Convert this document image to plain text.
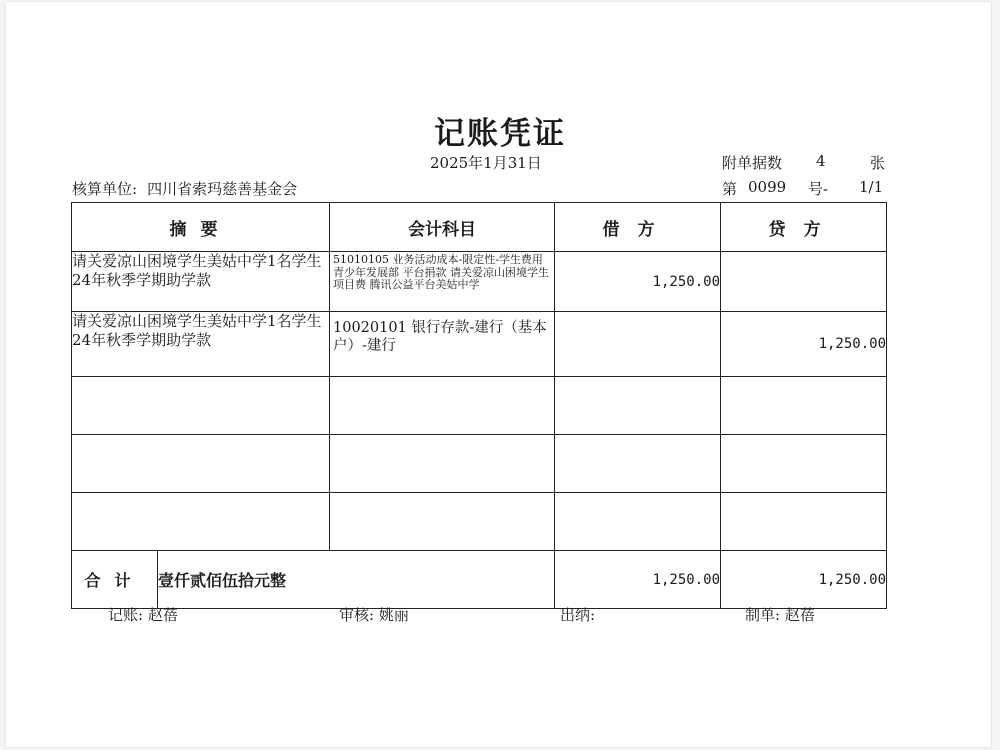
记账凭证
2025年1月31日	附单据数 4	张
核算单位: 四川省索玛慈善基金会	第 0099 号- 1/1
摘要		会计科目	借方	贷方
请关爱凉山困境学生美姑中学1名学生24年秋季学期助学款		51010105 业务活动成本-限定性-学生费用 青少年发展部 平台捐款 请关爱凉山困境学生 项目费 腾讯公益平台美姑中学	1,250.00	
请关爱凉山困境学生美姑中学1名学生24年秋季学期助学款		10020101 银行存款-建行（基本户）-建行		1,250.00

合计	壹仟贰佰伍拾元整		1,250.00	1,250.00
记账: 赵蓓	审核: 姚丽	出纳:	制单: 赵蓓
